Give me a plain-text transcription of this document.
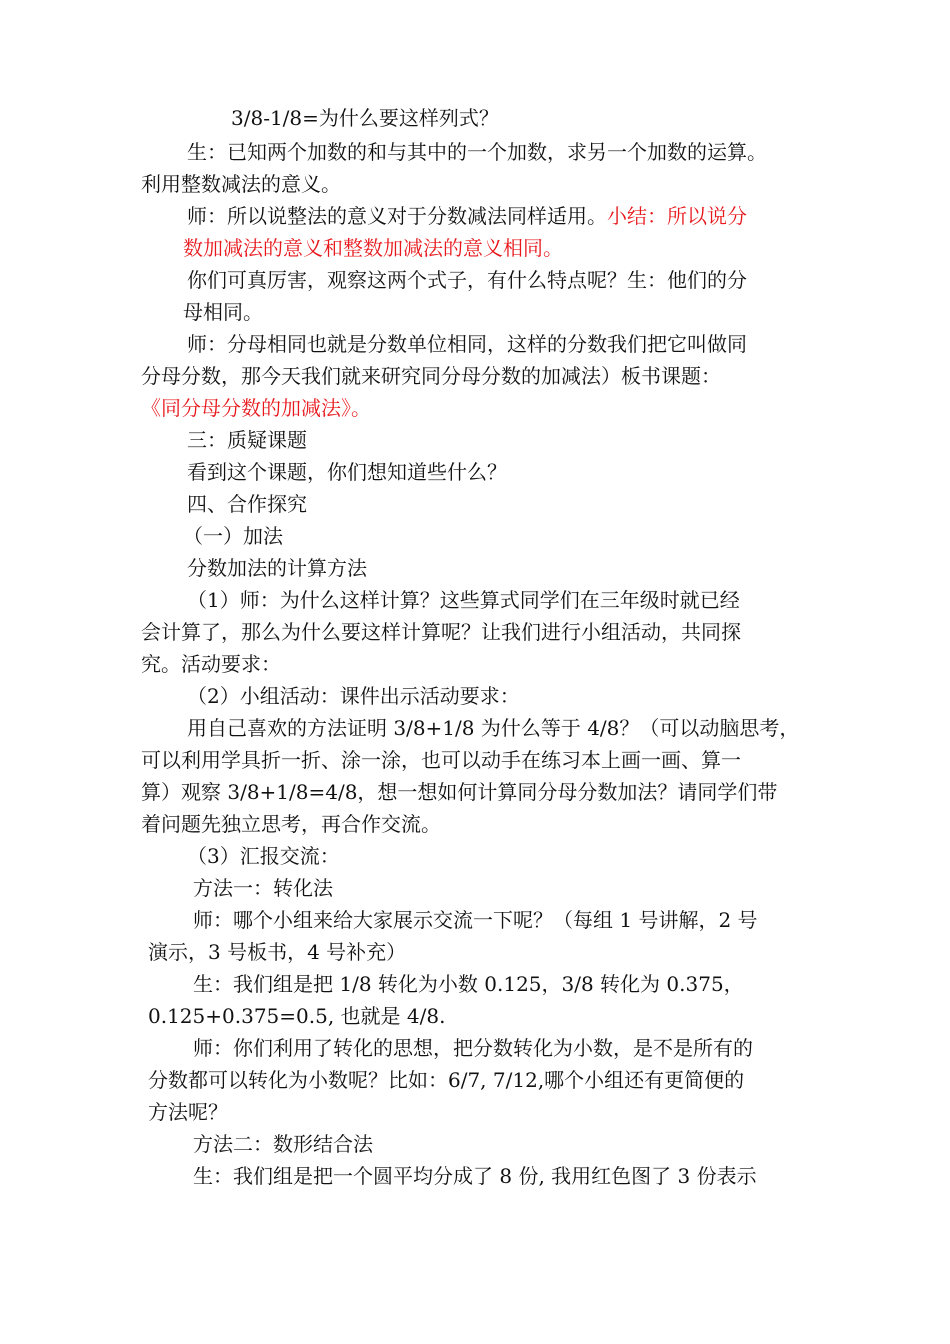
3/8-1/8=为什么要这样列式？
生：已知两个加数的和与其中的一个加数，求另一个加数的运算。
利用整数减法的意义。
师：所以说整法的意义对于分数减法同样适用。小结：所以说分
数加减法的意义和整数加减法的意义相同。
你们可真厉害，观察这两个式子，有什么特点呢？生：他们的分
母相同。
师：分母相同也就是分数单位相同，这样的分数我们把它叫做同
分母分数，那今天我们就来研究同分母分数的加减法）板书课题：
《同分母分数的加减法》。
三：质疑课题
看到这个课题，你们想知道些什么？
四、合作探究
（一）加法
分数加法的计算方法
（1）师：为什么这样计算？这些算式同学们在三年级时就已经
会计算了，那么为什么要这样计算呢？让我们进行小组活动，共同探
究。活动要求：
（2）小组活动：课件出示活动要求：
用自己喜欢的方法证明 3/8+1/8 为什么等于 4/8？（可以动脑思考，
可以利用学具折一折、涂一涂，也可以动手在练习本上画一画、算一
算）观察 3/8+1/8=4/8，想一想如何计算同分母分数加法？请同学们带
着问题先独立思考，再合作交流。
（3）汇报交流：
方法一：转化法
师：哪个小组来给大家展示交流一下呢？（每组 1 号讲解，2 号
演示，3 号板书，4 号补充）
生：我们组是把 1/8 转化为小数 0.125，3/8 转化为 0.375，
0.125+0.375=0.5, 也就是 4/8.
师：你们利用了转化的思想，把分数转化为小数，是不是所有的
分数都可以转化为小数呢？比如：6/7, 7/12,哪个小组还有更简便的
方法呢？
方法二：数形结合法
生：我们组是把一个圆平均分成了 8 份, 我用红色图了 3 份表示
